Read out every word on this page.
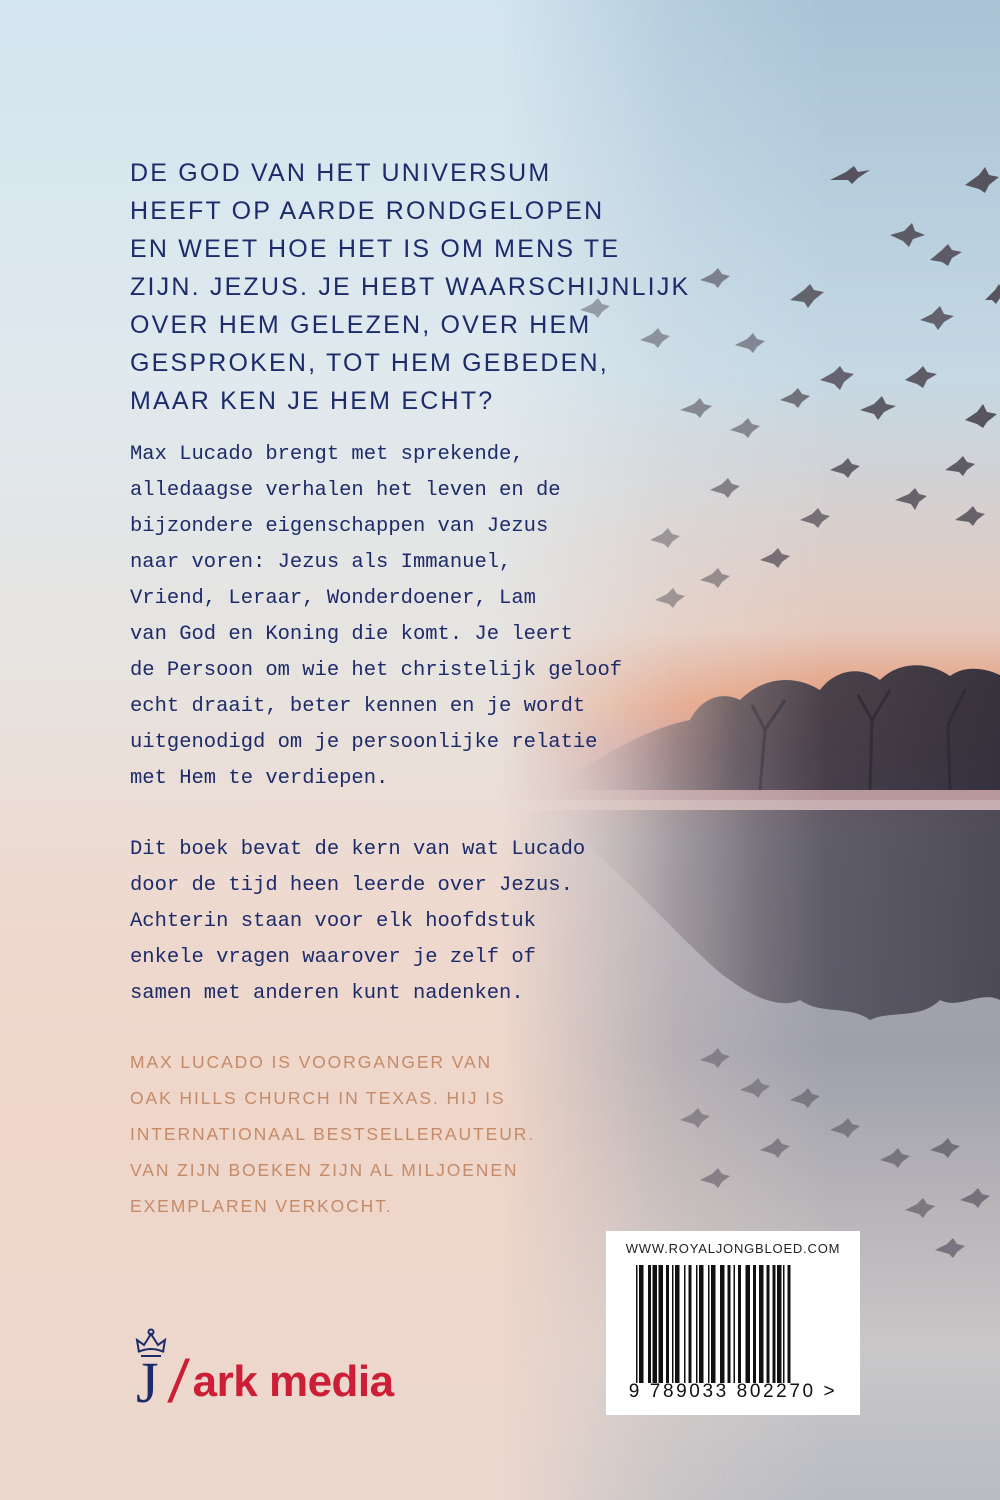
DE GOD VAN HET UNIVERSUM
HEEFT OP AARDE RONDGELOPEN
EN WEET HOE HET IS OM MENS TE
ZIJN. JEZUS. JE HEBT WAARSCHIJNLIJK
OVER HEM GELEZEN, OVER HEM
GESPROKEN, TOT HEM GEBEDEN,
MAAR KEN JE HEM ECHT?

Max Lucado brengt met sprekende,
alledaagse verhalen het leven en de
bijzondere eigenschappen van Jezus
naar voren: Jezus als Immanuel,
Vriend, Leraar, Wonderdoener, Lam
van God en Koning die komt. Je leert
de Persoon om wie het christelijk geloof
echt draait, beter kennen en je wordt
uitgenodigd om je persoonlijke relatie
met Hem te verdiepen.

Dit boek bevat de kern van wat Lucado
door de tijd heen leerde over Jezus.
Achterin staan voor elk hoofdstuk
enkele vragen waarover je zelf of
samen met anderen kunt nadenken.

MAX LUCADO IS VOORGANGER VAN
OAK HILLS CHURCH IN TEXAS. HIJ IS
INTERNATIONAAL BESTSELLERAUTEUR.
VAN ZIJN BOEKEN ZIJN AL MILJOENEN
EXEMPLAREN VERKOCHT.

J / ark media
WWW.ROYALJONGBLOED.COM
9 789033 802270 >
